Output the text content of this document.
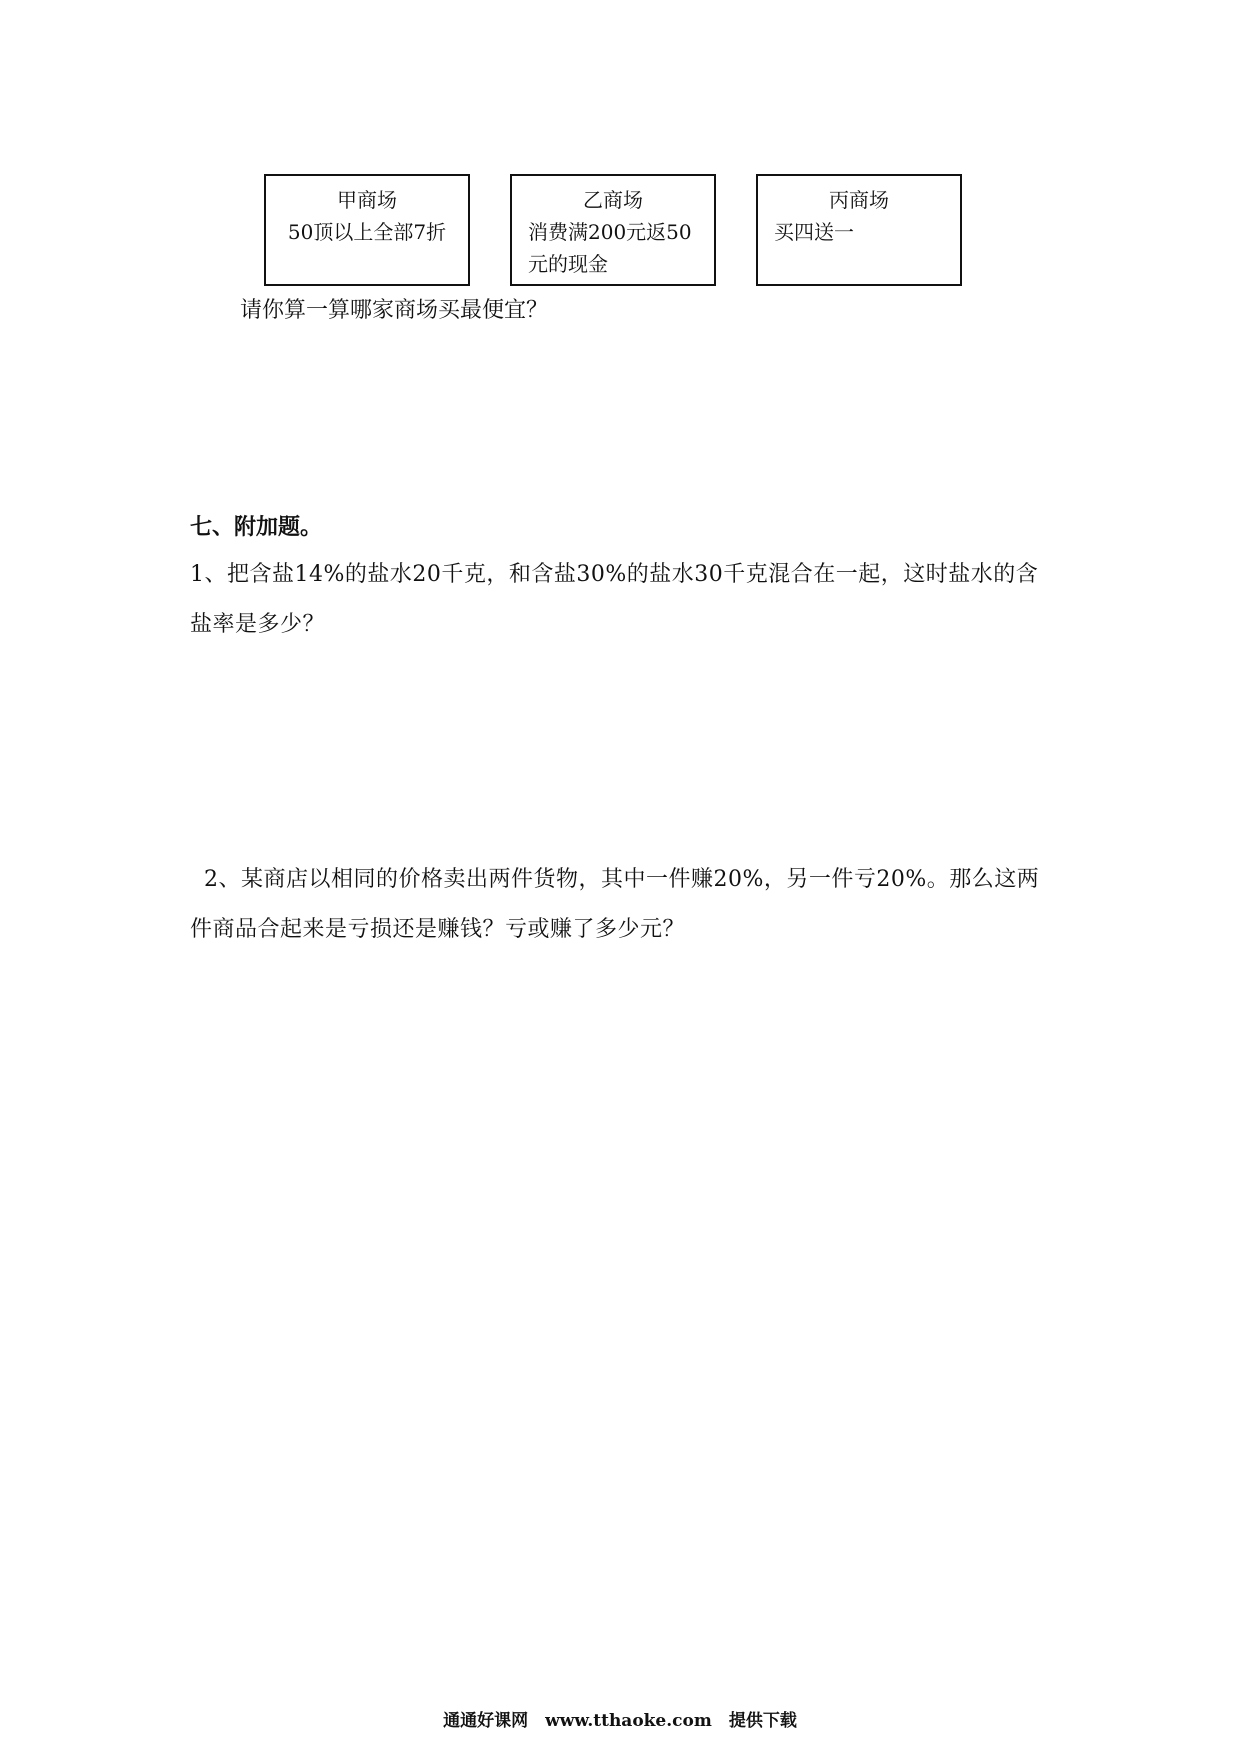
甲商场
50顶以上全部7折
乙商场
消费满200元返50元的现金
丙商场
买四送一
请你算一算哪家商场买最便宜？
七、附加题。
1、把含盐14%的盐水20千克，和含盐30%的盐水30千克混合在一起，这时盐水的含盐率是多少？
2、某商店以相同的价格卖出两件货物，其中一件赚20%，另一件亏20%。那么这两件商品合起来是亏损还是赚钱？亏或赚了多少元？
通通好课网　www.tthaoke.com　提供下载
